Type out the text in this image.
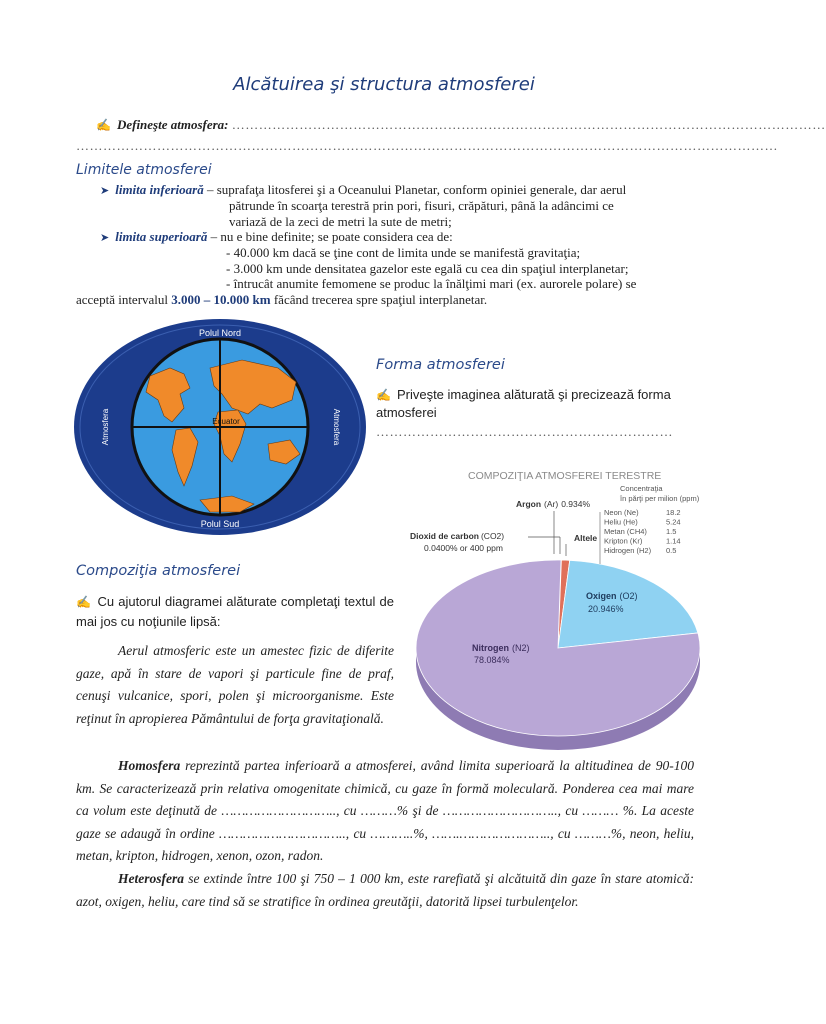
Alcătuirea şi structura atmosferei
✍ Defineşte atmosfera: ……………………………………………………………………………………………………………………
…………………………………………………………………………………………………………………………………………
Limitele atmosferei
➤ limita inferioară – suprafaţa litosferei şi a Oceanului Planetar, conform opiniei generale, dar aerul
pătrunde în scoarţa terestră prin pori, fisuri, crăpături, până la adâncimi ce
variază de la zeci de metri la sute de metri;
➤ limita superioară – nu e bine definite; se poate considera cea de:
- 40.000 km dacă se ţine cont de limita unde se manifestă gravitaţia;
- 3.000 km unde densitatea gazelor este egală cu cea din spaţiul interplanetar;
- întrucât anumite femomene se produc la înălţimi mari (ex. aurorele polare) se
acceptă intervalul 3.000 – 10.000 km făcând trecerea spre spaţiul interplanetar.
Polul Nord
Polul Sud
Ecuator
Atmosfera	Atmosfera
Forma atmosferei
✍ Priveşte imaginea alăturată şi precizează forma atmosferei
…………………………………………………………
COMPOZIŢIA ATMOSFEREI TERESTRE
Argon (Ar) 0.934%
Dioxid de carbon (CO2)
0.0400% or 400 ppm
Altele
Concentraţia
în părţi per milion (ppm)
Neon (Ne)	18.2
Heliu (He)	5.24
Metan (CH4)	1.5
Kripton (Kr)	1.14
Hidrogen (H2) 0.5
Oxigen (O2)
20.946%
Nitrogen (N2)
78.084%
Compoziţia atmosferei
✍ Cu ajutorul diagramei alăturate completaţi textul de mai jos cu noţiunile lipsă:
Aerul atmosferic este un amestec fizic de diferite gaze, apă în stare de vapori şi particule fine de praf, cenuşi vulcanice, spori, polen şi microorganisme. Este reţinut în apropierea Pământului de forţa gravitaţională.
Homosfera reprezintă partea inferioară a atmosferei, având limita superioară la altitudinea de 90-100 km. Se caracterizează prin relativa omogenitate chimică, cu gaze în formă moleculară. Ponderea cea mai mare ca volum este deţinută de ……………………….., cu ………% şi de ……………………….., cu ……… %. La aceste gaze se adaugă în ordine ………………………….., cu ………..%, …….………………….., cu ………%, neon, heliu, metan, kripton, hidrogen, xenon, ozon, radon.
Heterosfera se extinde între 100 şi 750 – 1 000 km, este rarefiată şi alcătuită din gaze în stare atomică: azot, oxigen, heliu, care tind să se stratifice în ordinea greutăţii, datorită lipsei turbulenţelor.
